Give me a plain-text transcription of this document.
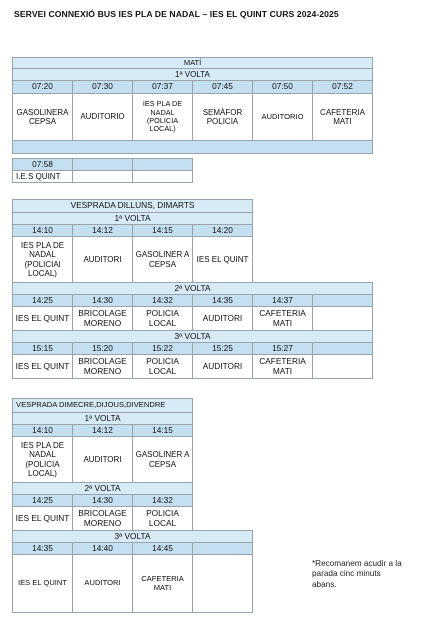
SERVEI CONNEXIÓ BUS IES PLA DE NADAL – IES EL QUINT CURS 2024-2025
MATÍ					
1ª VOLTA					
07:20	07:30	07:37	07:45	07:50	07:52
GASOLINERA CEPSA	AUDITORIO	IES PLA DE NADAL (POLICIA LOCAL)	SEMÀFOR POLICIA	AUDITORIO	CAFETERIA MATI

07:58		
I.E.S QUINT		
VESPRADA DILLUNS, DIMARTS					
1ª VOLTA					
14:10	14:12	14:15	14:20		
IES PLA DE NADAL (POLICIAl LOCAL)	AUDITORI	GASOLINER A CEPSA	IES EL QUINT		
2ª VOLTA					
14:25	14:30	14:32	14:35	14:37	
IES EL QUINT	BRICOLAGE MORENO	POLICIA LOCAL	AUDITORI	CAFETERIA MATI	
3ª VOLTA					
15:15	15:20	15:22	15:25	15:27	
IES EL QUINT	BRICOLAGE MORENO	POLICIA LOCAL	AUDITORI	CAFETERIA MATI	
VESPRADA DIMECRE,DIJOUS,DIVENDRE			
1ª VOLTA			
14:10	14:12	14:15	
IES PLA DE NADAL (POLICIA LOCAL)	AUDITORI	GASOLINER A CEPSA	
2ª VOLTA			
14:25	14:30	14:32	
IES EL QUINT	BRICOLAGE MORENO	POLICIA LOCAL	
3ª VOLTA			
14:35	14:40	14:45	
IES EL QUINT	AUDITORI	CAFETERIA MATI	
*Recomanem acudir a la parada cinc minuts abans.
